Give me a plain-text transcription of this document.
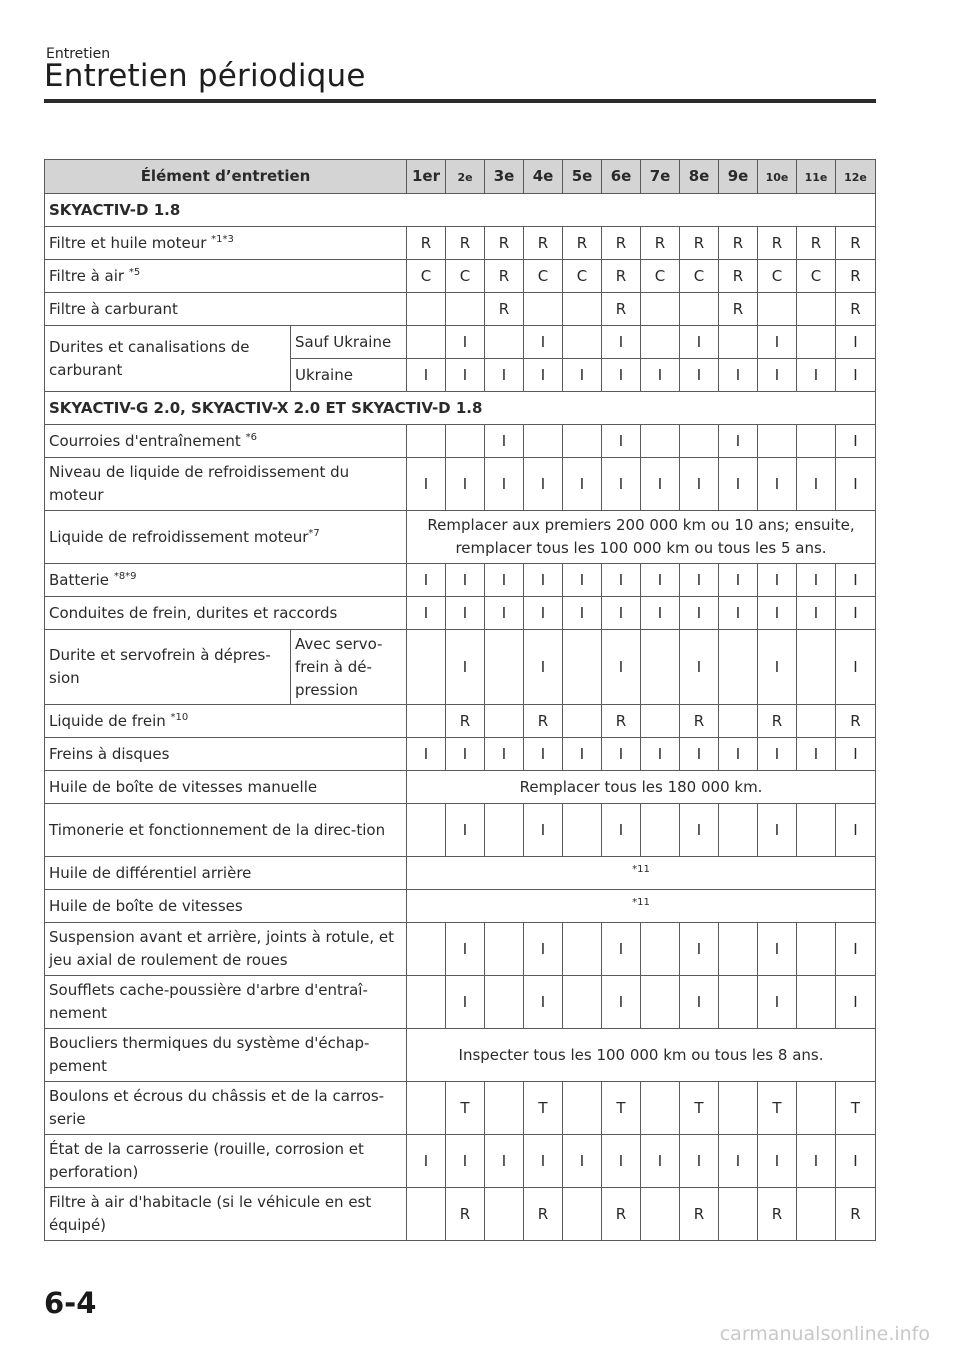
Entretien
Entretien périodique
Élément d’entretien		1er	2e	3e	4e	5e	6e	7e	8e	9e	10e	11e	12e
SKYACTIV-D 1.8													
Filtre et huile moteur $^{*1*3}$		R	R	R	R	R	R	R	R	R	R	R	R
Filtre à air $^{*5}$		C	C	R	C	C	R	C	C	R	C	C	R
Filtre à carburant				R			R			R			R
Durites et canalisations de carburant	Sauf Ukraine		I		I		I		I		I		I
	Ukraine	I	I	I	I	I	I	I	I	I	I	I	I
SKYACTIV-G 2.0, SKYACTIV-X 2.0 ET SKYACTIV-D 1.8													
Courroies d'entraînement $^{*6}$				I			I			I			I
Niveau de liquide de refroidissement du moteur		I	I	I	I	I	I	I	I	I	I	I	I
Liquide de refroidissement moteur$^{*7}$		Remplacer aux premiers 200 000 km ou 10 ans; ensuite, remplacer tous les 100 000 km ou tous les 5 ans.											
Batterie $^{*8*9}$		I	I	I	I	I	I	I	I	I	I	I	I
Conduites de frein, durites et raccords		I	I	I	I	I	I	I	I	I	I	I	I
Durite et servofrein à dépres-sion	Avec servo-frein à dé-pression		I		I		I		I		I		I
Liquide de frein $^{*10}$			R		R		R		R		R		R
Freins à disques		I	I	I	I	I	I	I	I	I	I	I	I
Huile de boîte de vitesses manuelle		Remplacer tous les 180 000 km.											
Timonerie et fonctionnement de la direc-tion			I		I		I		I		I		I
Huile de différentiel arrière		$^{*11}$
Huile de boîte de vitesses		$^{*11}$
Suspension avant et arrière, joints à rotule, et jeu axial de roulement de roues			I		I		I		I		I		I
Soufflets cache-poussière d'arbre d'entraî-nement			I		I		I		I		I		I
Boucliers thermiques du système d'échap-pement		Inspecter tous les 100 000 km ou tous les 8 ans.											
Boulons et écrous du châssis et de la carros-serie			T		T		T		T		T		T
État de la carrosserie (rouille, corrosion et perforation)		I	I	I	I	I	I	I	I	I	I	I	I
Filtre à air d'habitacle (si le véhicule en est équipé)			R		R		R		R		R		R
6-4
carmanualsonline.info
